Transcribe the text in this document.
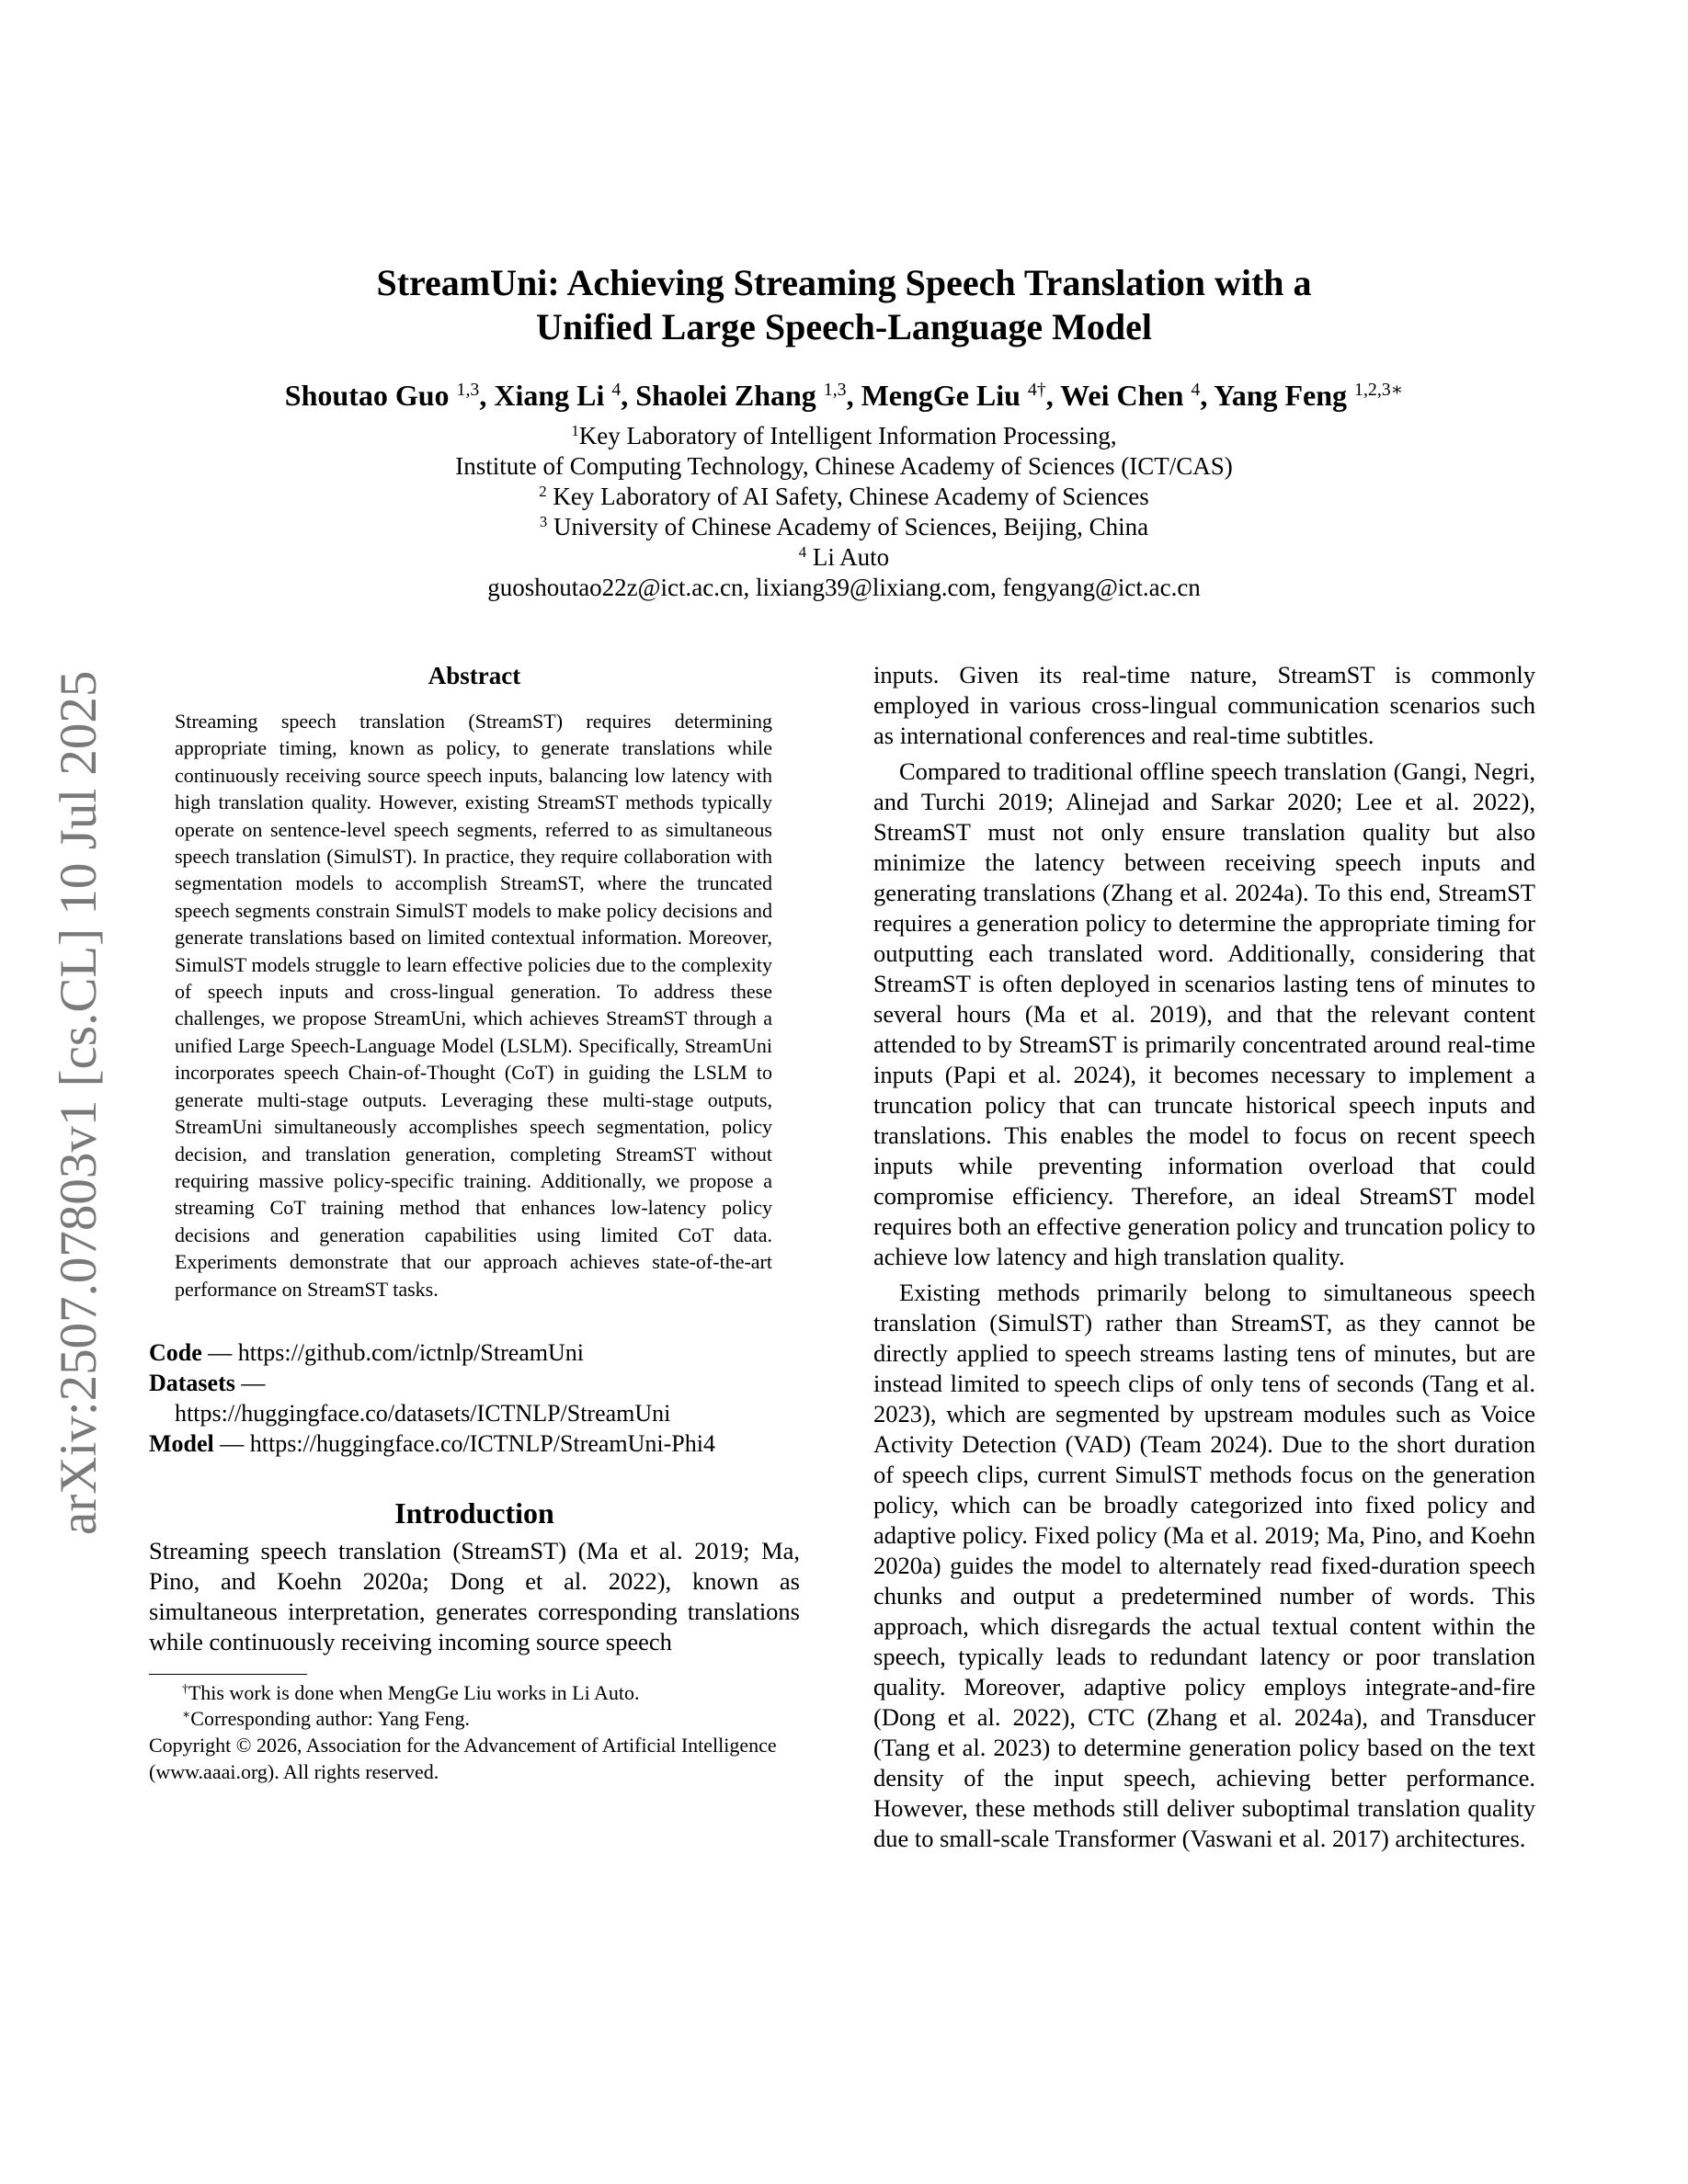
arXiv:2507.07803v1 [cs.CL] 10 Jul 2025
StreamUni: Achieving Streaming Speech Translation with a
Unified Large Speech-Language Model
Shoutao Guo $^{1,3}$, Xiang Li $^4$, Shaolei Zhang $^{1,3}$, MengGe Liu $^{4\dagger}$, Wei Chen $^4$, Yang Feng $^{1,2,3∗}$
$^1$Key Laboratory of Intelligent Information Processing,
Institute of Computing Technology, Chinese Academy of Sciences (ICT/CAS)
$^2$ Key Laboratory of AI Safety, Chinese Academy of Sciences
$^3$ University of Chinese Academy of Sciences, Beijing, China
$^4$ Li Auto
guoshoutao22z@ict.ac.cn, lixiang39@lixiang.com, fengyang@ict.ac.cn
Abstract
Streaming speech translation (StreamST) requires determining appropriate timing, known as policy, to generate translations while continuously receiving source speech inputs, balancing low latency with high translation quality. However, existing StreamST methods typically operate on sentence-level speech segments, referred to as simultaneous speech translation (SimulST). In practice, they require collaboration with segmentation models to accomplish StreamST, where the truncated speech segments constrain SimulST models to make policy decisions and generate translations based on limited contextual information. Moreover, SimulST models struggle to learn effective policies due to the complexity of speech inputs and cross-lingual generation. To address these challenges, we propose StreamUni, which achieves StreamST through a unified Large Speech-Language Model (LSLM). Specifically, StreamUni incorporates speech Chain-of-Thought (CoT) in guiding the LSLM to generate multi-stage outputs. Leveraging these multi-stage outputs, StreamUni simultaneously accomplishes speech segmentation, policy decision, and translation generation, completing StreamST without requiring massive policy-specific training. Additionally, we propose a streaming CoT training method that enhances low-latency policy decisions and generation capabilities using limited CoT data. Experiments demonstrate that our approach achieves state-of-the-art performance on StreamST tasks.
Code — https://github.com/ictnlp/StreamUni
Datasets —
https://huggingface.co/datasets/ICTNLP/StreamUni
Model — https://huggingface.co/ICTNLP/StreamUni-Phi4
Introduction

Streaming speech translation (StreamST) (Ma et al. 2019; Ma, Pino, and Koehn 2020a; Dong et al. 2022), known as simultaneous interpretation, generates corresponding translations while continuously receiving incoming source speech

†This work is done when MengGe Liu works in Li Auto.
∗Corresponding author: Yang Feng.
Copyright © 2026, Association for the Advancement of Artificial Intelligence (www.aaai.org). All rights reserved.

inputs. Given its real-time nature, StreamST is commonly employed in various cross-lingual communication scenarios such as international conferences and real-time subtitles.

Compared to traditional offline speech translation (Gangi, Negri, and Turchi 2019; Alinejad and Sarkar 2020; Lee et al. 2022), StreamST must not only ensure translation quality but also minimize the latency between receiving speech inputs and generating translations (Zhang et al. 2024a). To this end, StreamST requires a generation policy to determine the appropriate timing for outputting each translated word. Additionally, considering that StreamST is often deployed in scenarios lasting tens of minutes to several hours (Ma et al. 2019), and that the relevant content attended to by StreamST is primarily concentrated around real-time inputs (Papi et al. 2024), it becomes necessary to implement a truncation policy that can truncate historical speech inputs and translations. This enables the model to focus on recent speech inputs while preventing information overload that could compromise efficiency. Therefore, an ideal StreamST model requires both an effective generation policy and truncation policy to achieve low latency and high translation quality.

Existing methods primarily belong to simultaneous speech translation (SimulST) rather than StreamST, as they cannot be directly applied to speech streams lasting tens of minutes, but are instead limited to speech clips of only tens of seconds (Tang et al. 2023), which are segmented by upstream modules such as Voice Activity Detection (VAD) (Team 2024). Due to the short duration of speech clips, current SimulST methods focus on the generation policy, which can be broadly categorized into fixed policy and adaptive policy. Fixed policy (Ma et al. 2019; Ma, Pino, and Koehn 2020a) guides the model to alternately read fixed-duration speech chunks and output a predetermined number of words. This approach, which disregards the actual textual content within the speech, typically leads to redundant latency or poor translation quality. Moreover, adaptive policy employs integrate-and-fire (Dong et al. 2022), CTC (Zhang et al. 2024a), and Transducer (Tang et al. 2023) to determine generation policy based on the text density of the input speech, achieving better performance. However, these methods still deliver suboptimal translation quality due to small-scale Transformer (Vaswani et al. 2017) architectures.
